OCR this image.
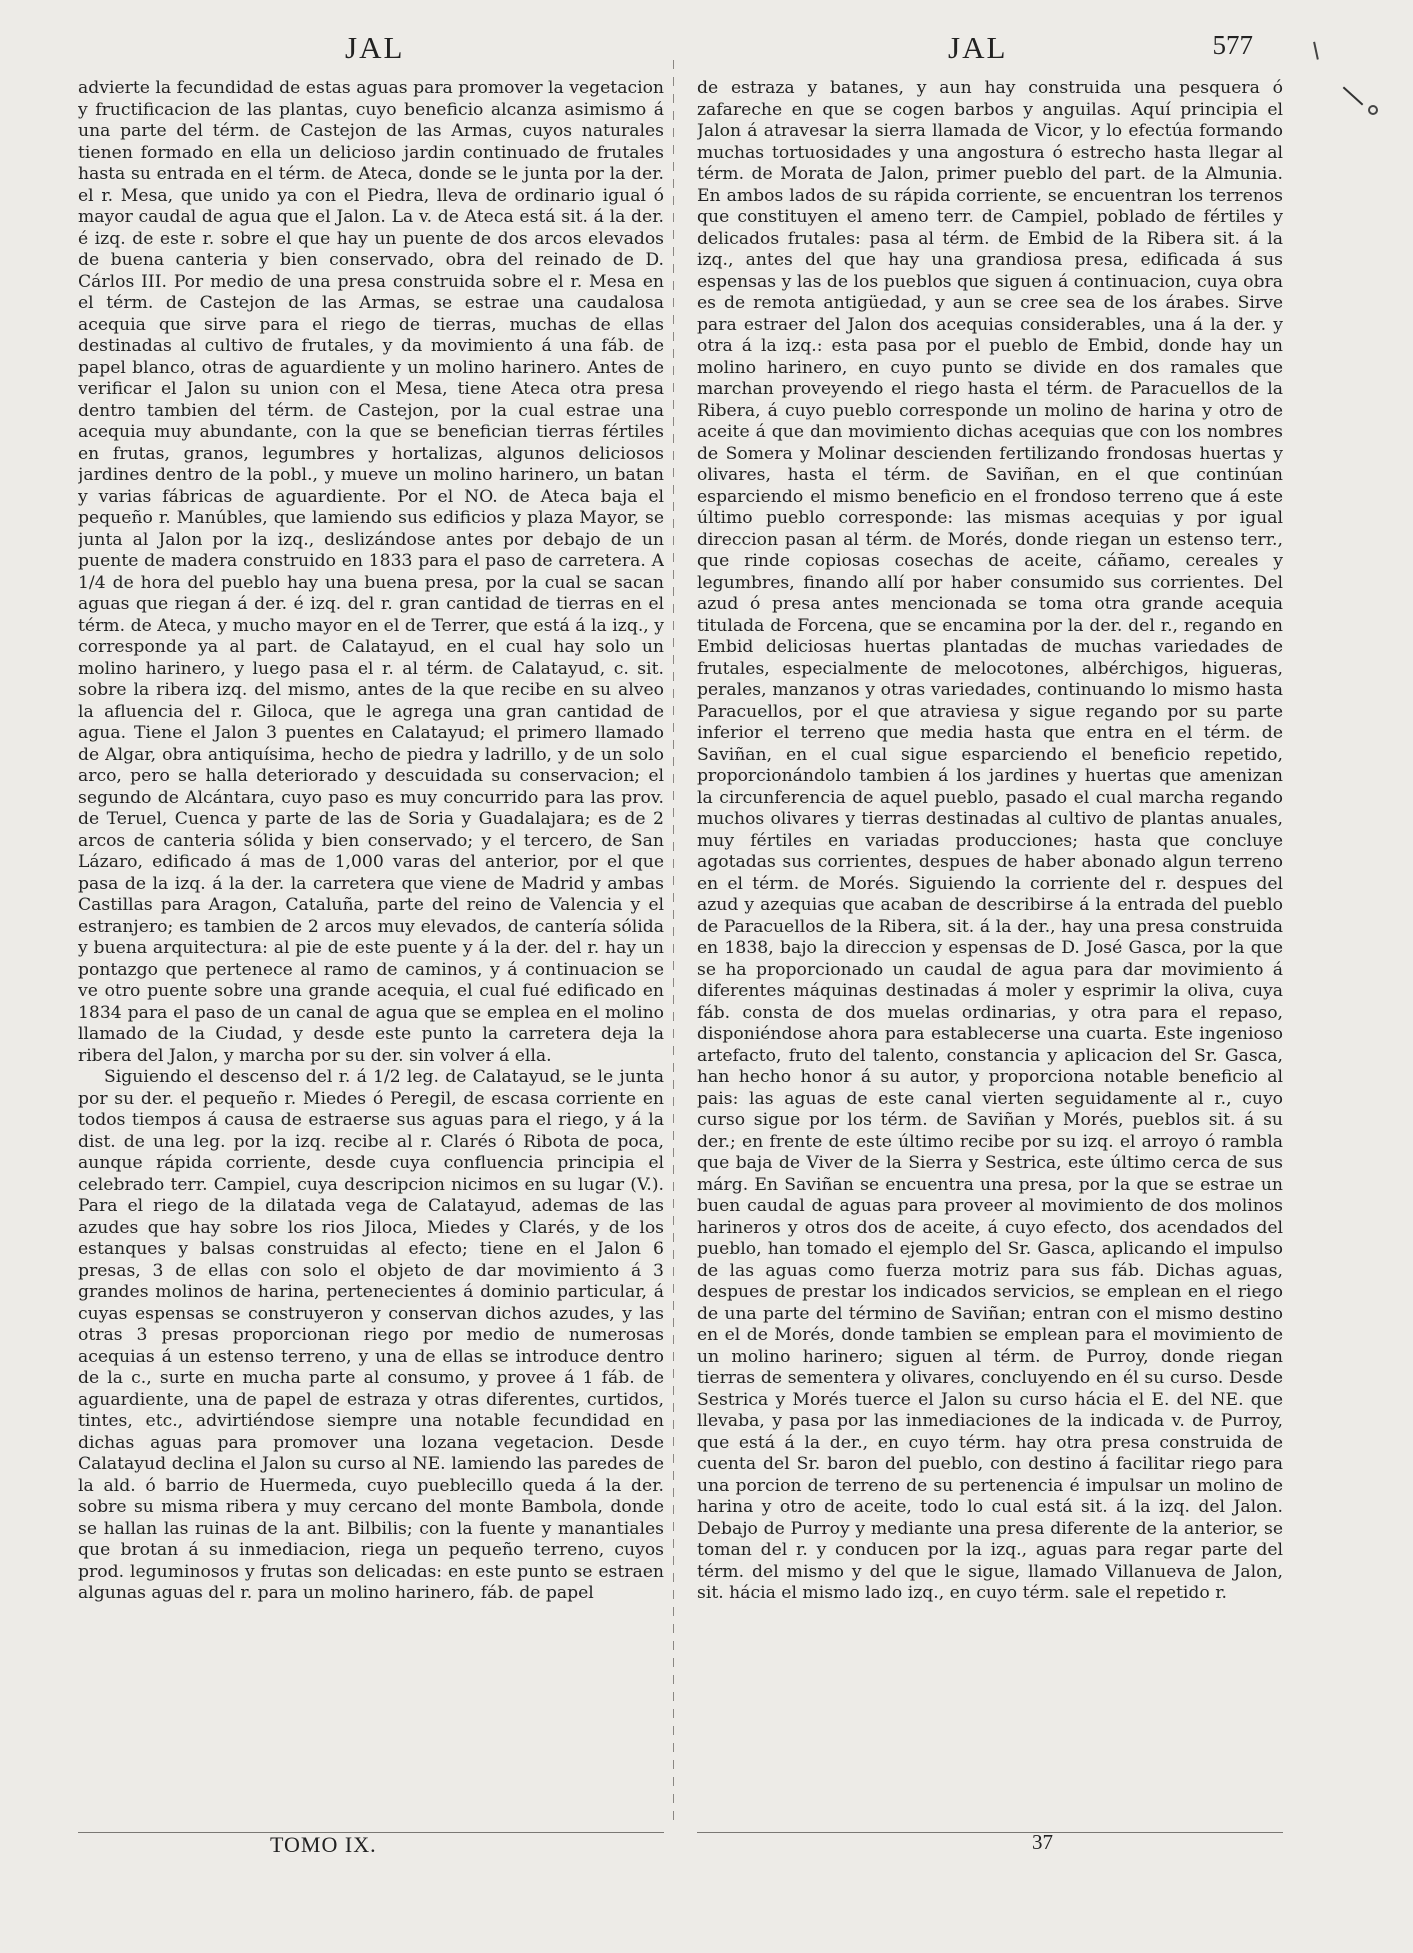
JAL	JAL	577

advierte la fecundidad de estas aguas para promover la vegetacion y fructificacion de las plantas, cuyo beneficio alcanza asimismo á una parte del térm. de Castejon de las Armas, cuyos naturales tienen formado en ella un delicioso jardin continuado de frutales hasta su entrada en el térm. de Ateca, donde se le junta por la der. el r. Mesa, que unido ya con el Piedra, lleva de ordinario igual ó mayor caudal de agua que el Jalon. La v. de Ateca está sit. á la der. é izq. de este r. sobre el que hay un puente de dos arcos elevados de buena canteria y bien conservado, obra del reinado de D. Cárlos III. Por medio de una presa construida sobre el r. Mesa en el térm. de Castejon de las Armas, se estrae una caudalosa acequia que sirve para el riego de tierras, muchas de ellas destinadas al cultivo de frutales, y da movimiento á una fáb. de papel blanco, otras de aguardiente y un molino harinero. Antes de verificar el Jalon su union con el Mesa, tiene Ateca otra presa dentro tambien del térm. de Castejon, por la cual estrae una acequia muy abundante, con la que se benefician tierras fértiles en frutas, granos, legumbres y hortalizas, algunos deliciosos jardines dentro de la pobl., y mueve un molino harinero, un batan y varias fábricas de aguardiente. Por el NO. de Ateca baja el pequeño r. Manúbles, que lamiendo sus edificios y plaza Mayor, se junta al Jalon por la izq., deslizándose antes por debajo de un puente de madera construido en 1833 para el paso de carretera. A 1/4 de hora del pueblo hay una buena presa, por la cual se sacan aguas que riegan á der. é izq. del r. gran cantidad de tierras en el térm. de Ateca, y mucho mayor en el de Terrer, que está á la izq., y corresponde ya al part. de Calatayud, en el cual hay solo un molino harinero, y luego pasa el r. al térm. de Calatayud, c. sit. sobre la ribera izq. del mismo, antes de la que recibe en su alveo la afluencia del r. Giloca, que le agrega una gran cantidad de agua. Tiene el Jalon 3 puentes en Calatayud; el primero llamado de Algar, obra antiquísima, hecho de piedra y ladrillo, y de un solo arco, pero se halla deteriorado y descuidada su conservacion; el segundo de Alcántara, cuyo paso es muy concurrido para las prov. de Teruel, Cuenca y parte de las de Soria y Guadalajara; es de 2 arcos de canteria sólida y bien conservado; y el tercero, de San Lázaro, edificado á mas de 1,000 varas del anterior, por el que pasa de la izq. á la der. la carretera que viene de Madrid y ambas Castillas para Aragon, Cataluña, parte del reino de Valencia y el estranjero; es tambien de 2 arcos muy elevados, de cantería sólida y buena arquitectura: al pie de este puente y á la der. del r. hay un pontazgo que pertenece al ramo de caminos, y á continuacion se ve otro puente sobre una grande acequia, el cual fué edificado en 1834 para el paso de un canal de agua que se emplea en el molino llamado de la Ciudad, y desde este punto la carretera deja la ribera del Jalon, y marcha por su der. sin volver á ella.

Siguiendo el descenso del r. á 1/2 leg. de Calatayud, se le junta por su der. el pequeño r. Miedes ó Peregil, de escasa corriente en todos tiempos á causa de estraerse sus aguas para el riego, y á la dist. de una leg. por la izq. recibe al r. Clarés ó Ribota de poca, aunque rápida corriente, desde cuya confluencia principia el celebrado terr. Campiel, cuya descripcion nicimos en su lugar (V.). Para el riego de la dilatada vega de Calatayud, ademas de las azudes que hay sobre los rios Jiloca, Miedes y Clarés, y de los estanques y balsas construidas al efecto; tiene en el Jalon 6 presas, 3 de ellas con solo el objeto de dar movimiento á 3 grandes molinos de harina, pertenecientes á dominio particular, á cuyas espensas se construyeron y conservan dichos azudes, y las otras 3 presas proporcionan riego por medio de numerosas acequias á un estenso terreno, y una de ellas se introduce dentro de la c., surte en mucha parte al consumo, y provee á 1 fáb. de aguardiente, una de papel de estraza y otras diferentes, curtidos, tintes, etc., advirtiéndose siempre una notable fecundidad en dichas aguas para promover una lozana vegetacion. Desde Calatayud declina el Jalon su curso al NE. lamiendo las paredes de la ald. ó barrio de Huermeda, cuyo pueblecillo queda á la der. sobre su misma ribera y muy cercano del monte Bambola, donde se hallan las ruinas de la ant. Bilbilis; con la fuente y manantiales que brotan á su inmediacion, riega un pequeño terreno, cuyos prod. leguminosos y frutas son delicadas: en este punto se estraen algunas aguas del r. para un molino harinero, fáb. de papel

de estraza y batanes, y aun hay construida una pesquera ó zafareche en que se cogen barbos y anguilas. Aquí principia el Jalon á atravesar la sierra llamada de Vicor, y lo efectúa formando muchas tortuosidades y una angostura ó estrecho hasta llegar al térm. de Morata de Jalon, primer pueblo del part. de la Almunia. En ambos lados de su rápida corriente, se encuentran los terrenos que constituyen el ameno terr. de Campiel, poblado de fértiles y delicados frutales: pasa al térm. de Embid de la Ribera sit. á la izq., antes del que hay una grandiosa presa, edificada á sus espensas y las de los pueblos que siguen á continuacion, cuya obra es de remota antigüedad, y aun se cree sea de los árabes. Sirve para estraer del Jalon dos acequias considerables, una á la der. y otra á la izq.: esta pasa por el pueblo de Embid, donde hay un molino harinero, en cuyo punto se divide en dos ramales que marchan proveyendo el riego hasta el térm. de Paracuellos de la Ribera, á cuyo pueblo corresponde un molino de harina y otro de aceite á que dan movimiento dichas acequias que con los nombres de Somera y Molinar descienden fertilizando frondosas huertas y olivares, hasta el térm. de Saviñan, en el que continúan esparciendo el mismo beneficio en el frondoso terreno que á este último pueblo corresponde: las mismas acequias y por igual direccion pasan al térm. de Morés, donde riegan un estenso terr., que rinde copiosas cosechas de aceite, cáñamo, cereales y legumbres, finando allí por haber consumido sus corrientes. Del azud ó presa antes mencionada se toma otra grande acequia titulada de Forcena, que se encamina por la der. del r., regando en Embid deliciosas huertas plantadas de muchas variedades de frutales, especialmente de melocotones, albérchigos, higueras, perales, manzanos y otras variedades, continuando lo mismo hasta Paracuellos, por el que atraviesa y sigue regando por su parte inferior el terreno que media hasta que entra en el térm. de Saviñan, en el cual sigue esparciendo el beneficio repetido, proporcionándolo tambien á los jardines y huertas que amenizan la circunferencia de aquel pueblo, pasado el cual marcha regando muchos olivares y tierras destinadas al cultivo de plantas anuales, muy fértiles en variadas producciones; hasta que concluye agotadas sus corrientes, despues de haber abonado algun terreno en el térm. de Morés. Siguiendo la corriente del r. despues del azud y azequias que acaban de describirse á la entrada del pueblo de Paracuellos de la Ribera, sit. á la der., hay una presa construida en 1838, bajo la direccion y espensas de D. José Gasca, por la que se ha proporcionado un caudal de agua para dar movimiento á diferentes máquinas destinadas á moler y esprimir la oliva, cuya fáb. consta de dos muelas ordinarias, y otra para el repaso, disponiéndose ahora para establecerse una cuarta. Este ingenioso artefacto, fruto del talento, constancia y aplicacion del Sr. Gasca, han hecho honor á su autor, y proporciona notable beneficio al pais: las aguas de este canal vierten seguidamente al r., cuyo curso sigue por los térm. de Saviñan y Morés, pueblos sit. á su der.; en frente de este último recibe por su izq. el arroyo ó rambla que baja de Viver de la Sierra y Sestrica, este último cerca de sus márg. En Saviñan se encuentra una presa, por la que se estrae un buen caudal de aguas para proveer al movimiento de dos molinos harineros y otros dos de aceite, á cuyo efecto, dos acendados del pueblo, han tomado el ejemplo del Sr. Gasca, aplicando el impulso de las aguas como fuerza motriz para sus fáb. Dichas aguas, despues de prestar los indicados servicios, se emplean en el riego de una parte del término de Saviñan; entran con el mismo destino en el de Morés, donde tambien se emplean para el movimiento de un molino harinero; siguen al térm. de Purroy, donde riegan tierras de sementera y olivares, concluyendo en él su curso. Desde Sestrica y Morés tuerce el Jalon su curso hácia el E. del NE. que llevaba, y pasa por las inmediaciones de la indicada v. de Purroy, que está á la der., en cuyo térm. hay otra presa construida de cuenta del Sr. baron del pueblo, con destino á facilitar riego para una porcion de terreno de su pertenencia é impulsar un molino de harina y otro de aceite, todo lo cual está sit. á la izq. del Jalon. Debajo de Purroy y mediante una presa diferente de la anterior, se toman del r. y conducen por la izq., aguas para regar parte del térm. del mismo y del que le sigue, llamado Villanueva de Jalon, sit. hácia el mismo lado izq., en cuyo térm. sale el repetido r.

TOMO IX.	37
